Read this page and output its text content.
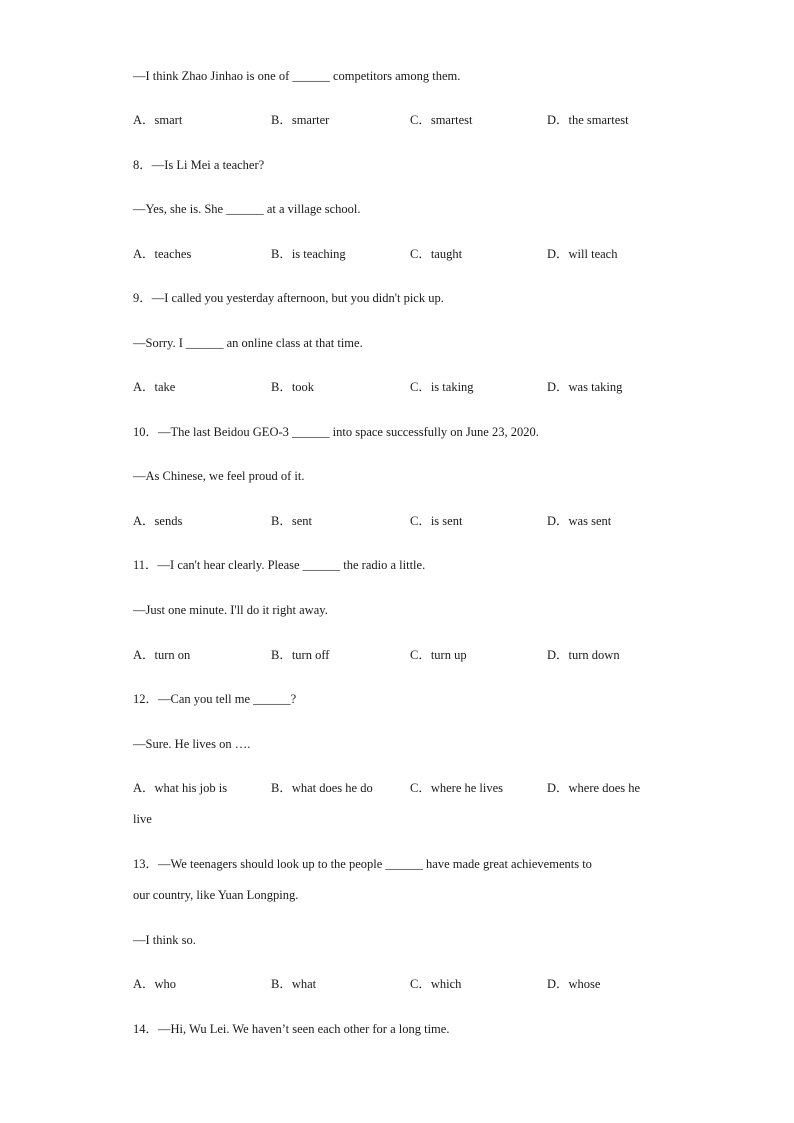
—I think Zhao Jinhao is one of ______ competitors among them.
A．smart	B．smarter	C．smartest	D．the smartest
8．—Is Li Mei a teacher?
—Yes, she is. She ______ at a village school.
A．teaches	B．is teaching	C．taught	D．will teach
9．—I called you yesterday afternoon, but you didn't pick up.
—Sorry. I ______ an online class at that time.
A．take	B．took	C．is taking	D．was taking
10．—The last Beidou GEO-3 ______ into space successfully on June 23, 2020.
—As Chinese, we feel proud of it.
A．sends	B．sent	C．is sent	D．was sent
11．—I can't hear clearly. Please ______ the radio a little.
—Just one minute. I'll do it right away.
A．turn on	B．turn off	C．turn up	D．turn down
12．—Can you tell me ______?
—Sure. He lives on ….
A．what his job is	B．what does he do	C．where he lives	D．where does he
live
13．—We teenagers should look up to the people ______ have made great achievements to
our country, like Yuan Longping.
—I think so.
A．who	B．what	C．which	D．whose
14．—Hi, Wu Lei. We haven’t seen each other for a long time.
